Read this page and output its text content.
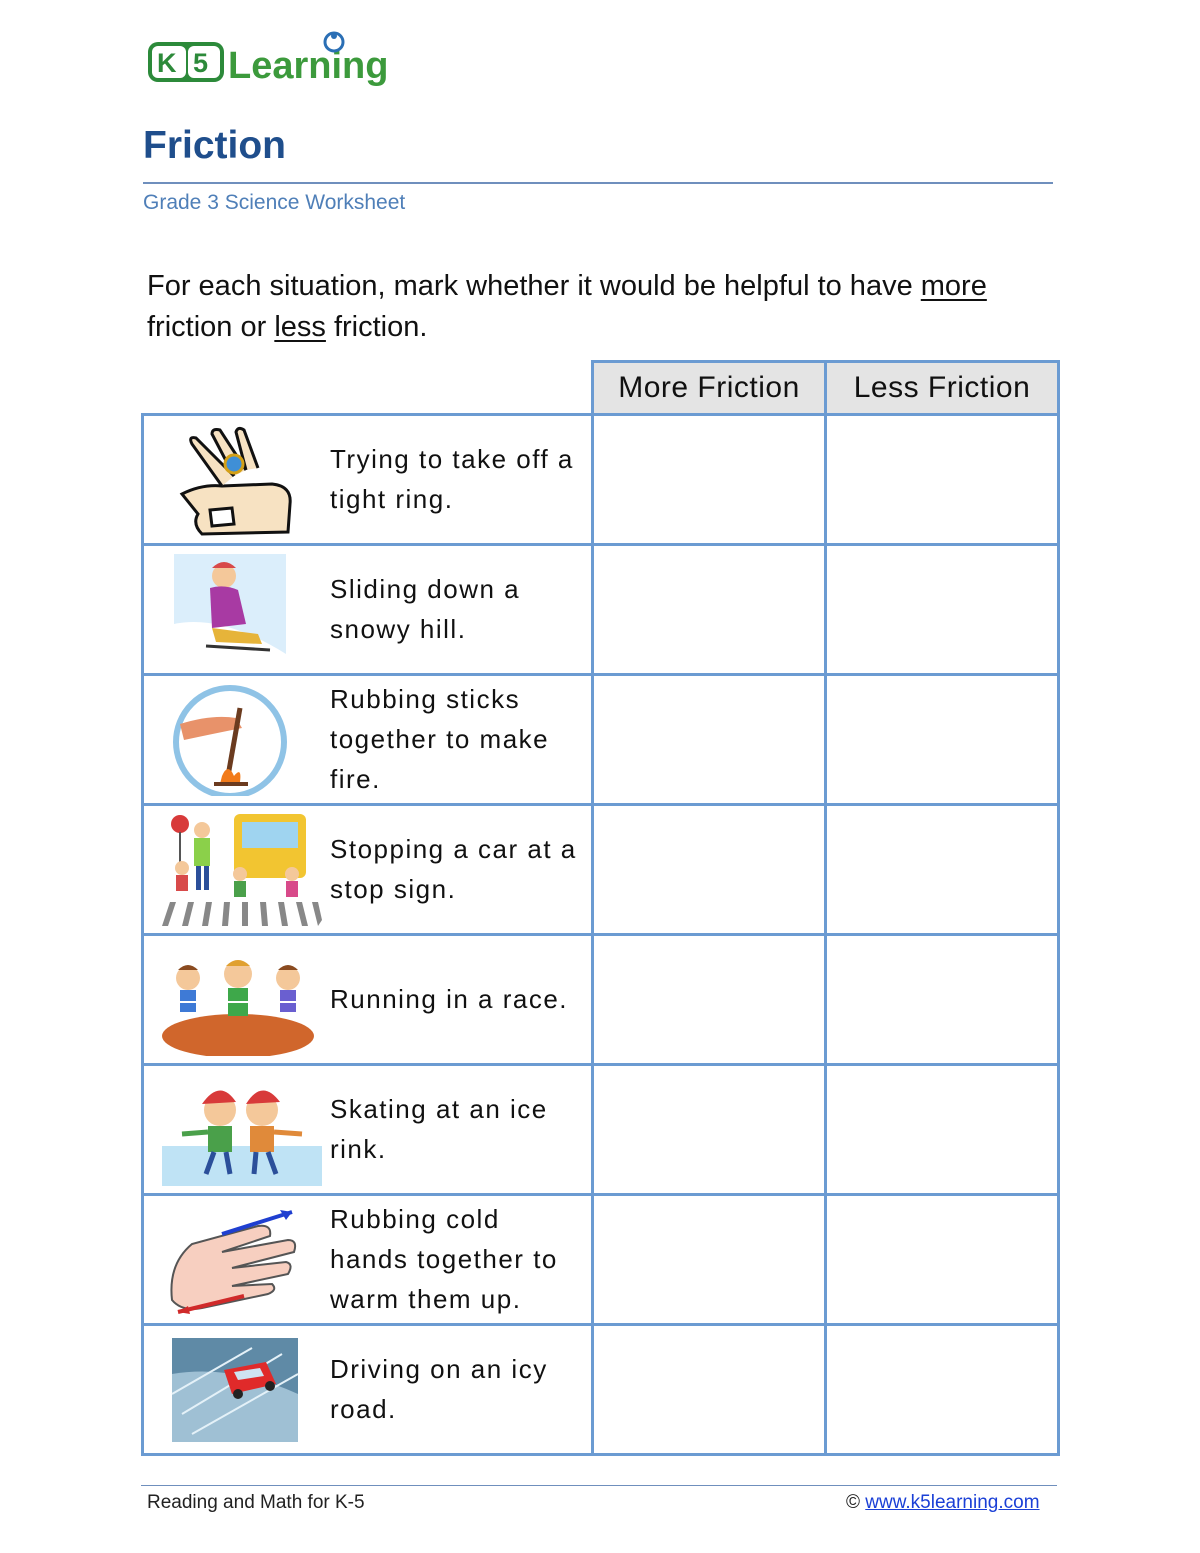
K 5 Learning
Friction
Grade 3 Science Worksheet
For each situation, mark whether it would be helpful to have more friction or less friction.
	More Friction	Less Friction

Trying to take off a tight ring.		

Sliding down a snowy hill.		

Rubbing sticks together to make fire.		

Stopping a car at a stop sign.		

Running in a race.		

Skating at an ice rink.		

Rubbing cold hands together to warm them up.		

Driving on an icy road.		

Reading and Math for K-5	© www.k5learning.com
